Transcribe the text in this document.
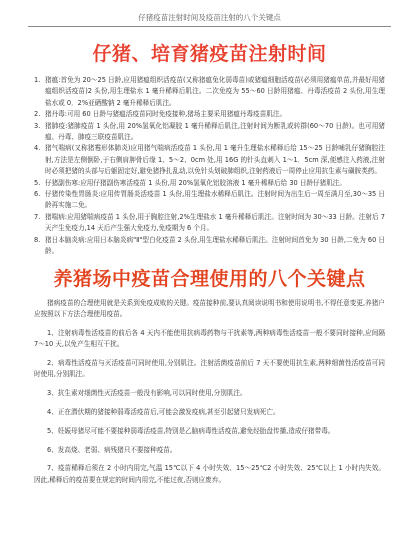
仔猪疫苗注射时间及疫苗注射的八个关键点
仔猪、培育猪疫苗注射时间
1. 猪瘟:首免为 20～25 日龄,应用猪瘟组织活疫苗(又称猪瘟兔化弱毒苗)或猪瘟细胞活疫苗(必须用猪瘟单苗,并最好用猪瘟组织活疫苗)2 头份,用生理盐水 1 毫升稀释后肌注。二次免疫为 55～60 日龄用猪瘟、丹毒活疫苗 2 头份,用生理盐水或 0．2%亚硒酸钠 2 毫升稀释后肌注。
2. 猪丹毒:可用 60 日龄与猪瘟活疫苗同时免疫接种,猪场主要采用猪瘟丹毒疫苗肌注。
3. 猪肺疫:猪肺疫苗 1 头份,用 20%氢氧化铝凝胶 1 毫升稀释后肌注,注射时间为断乳或转群(60～70 日龄)。也可用猪瘟、丹毒、肺疫三联疫苗肌注。
4. 猪气喘病(又称猪霉形体肺炎)应用猪气喘病活疫苗 1 头份,用 1 毫升生理盐水稀释后给 15～25 日龄哺乳仔猪胸腔注射,方法是左侧倒卧,于右侧肩胛骨后缘 1、5～2、0cm 处,用 16G 的针头直刺入 1～1．5cm 深,便感注入药液,注射时必须把猪的头部与后躯固定好,避免猪挣扎乱动,以免针头划破肺组织,注射药液后一周停止应用抗生素与磺胺类药。
5. 仔猪副伤寒:应用仔猪副伤寒活疫苗 1 头份,用 20%氢氧化铝胶溶液 1 毫升稀释后给 30 日龄仔猪肌注。
6. 仔猪传染性胃肠炎:应用传胃肠炎活疫苗 1 头份,用生理盐水稀释后肌注。注射时间为出生后一周至满月至,30～35 日龄再实施二免。
7. 猪喘病:应用猪喘病疫苗 1 头份,用于胸腔注射,2%生理盐水 1 毫升稀释后肌注。注射时间为 30～33 日龄。注射后 7 天产生免疫力,14 天后产生强大免疫力,免疫期为 6 个月。
8. 猪日本脑炎病:应用日本脑炎病"Ⅱ"型白化疫苗 2 头份,用生理盐水稀释后肌注。注射时间首免为 30 日龄,二免为 60 日龄。
养猪场中疫苗合理使用的八个关键点

猪病疫苗的合理使用就是关系到免疫成败的关键。疫苗接种前,要认真阅读说明书和使用说明书,不得任意变更,养猪户应按照以下方法合理使用疫苗。

1、注射病毒性活疫苗的前后各 4 天内不能使用抗病毒药物与干扰素等,两种病毒性活疫苗一般不要同时接种,应间隔 7～10 天,以免产生相互干扰。

2、病毒性活疫苗与灭活疫苗可同时使用,分别肌注。注射活菌疫苗前后 7 天不要使用抗生素,两种细菌性活疫苗可同时使用,分别肌注。

3、抗生素对细菌性灭活疫苗一般没有影响,可以同时使用,分别肌注。

4、正在潜伏期的猪接种弱毒活疫苗后,可能会激发疫病,甚至引起猪只发病死亡。

5、妊娠母猪尽可能不要接种弱毒活疫苗,特别是乙脑病毒性活疫苗,避免经胎盘传播,造成仔猪带毒。

6、发高烧、老弱、病残猪只不要接种疫苗。

7、疫苗稀释后须在 2 小时内用完,气温 15℃以下 4 小时失效、15～25℃2 小时失效、25℃以上 1 小时内失效。因此,稀释后的疫苗要在规定的时间内用完,不能过夜,否则应废弃。
